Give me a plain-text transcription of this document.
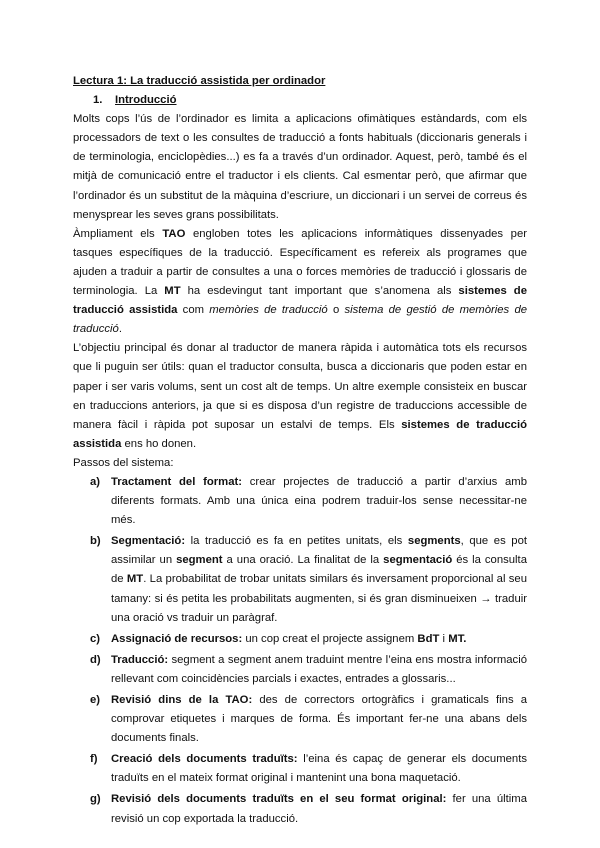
Lectura 1: La traducció assistida per ordinador

1. Introducció

Molts cops l’ús de l’ordinador es limita a aplicacions ofimàtiques estàndards, com els processadors de text o les consultes de traducció a fonts habituals (diccionaris generals i de terminologia, enciclopèdies...) es fa a través d’un ordinador. Aquest, però, també és el mitjà de comunicació entre el traductor i els clients. Cal esmentar però, que afirmar que l’ordinador és un substitut de la màquina d’escriure, un diccionari i un servei de correus és menysprear les seves grans possibilitats.

Àmpliament els TAO engloben totes les aplicacions informàtiques dissenyades per tasques específiques de la traducció. Específicament es refereix als programes que ajuden a traduir a partir de consultes a una o forces memòries de traducció i glossaris de terminologia. La MT ha esdevingut tant important que s’anomena als sistemes de traducció assistida com memòries de traducció o sistema de gestió de memòries de traducció.

L’objectiu principal és donar al traductor de manera ràpida i automàtica tots els recursos que li puguin ser útils: quan el traductor consulta, busca a diccionaris que poden estar en paper i ser varis volums, sent un cost alt de temps. Un altre exemple consisteix en buscar en traduccions anteriors, ja que si es disposa d’un registre de traduccions accessible de manera fàcil i ràpida pot suposar un estalvi de temps. Els sistemes de traducció assistida ens ho donen.

Passos del sistema:

a) Tractament del format: crear projectes de traducció a partir d’arxius amb diferents formats. Amb una única eina podrem traduir-los sense necessitar-ne més.
b) Segmentació: la traducció es fa en petites unitats, els segments, que es pot assimilar un segment a una oració. La finalitat de la segmentació és la consulta de MT. La probabilitat de trobar unitats similars és inversament proporcional al seu tamany: si és petita les probabilitats augmenten, si és gran disminueixen → traduir una oració vs traduir un paràgraf.
c) Assignació de recursos: un cop creat el projecte assignem BdT i MT.
d) Traducció: segment a segment anem traduint mentre l’eina ens mostra informació rellevant com coincidències parcials i exactes, entrades a glossaris...
e) Revisió dins de la TAO: des de correctors ortogràfics i gramaticals fins a comprovar etiquetes i marques de forma. És important fer-ne una abans dels documents finals.
f) Creació dels documents traduïts: l’eina és capaç de generar els documents traduïts en el mateix format original i mantenint una bona maquetació.
g) Revisió dels documents traduïts en el seu format original: fer una última revisió un cop exportada la traducció.
